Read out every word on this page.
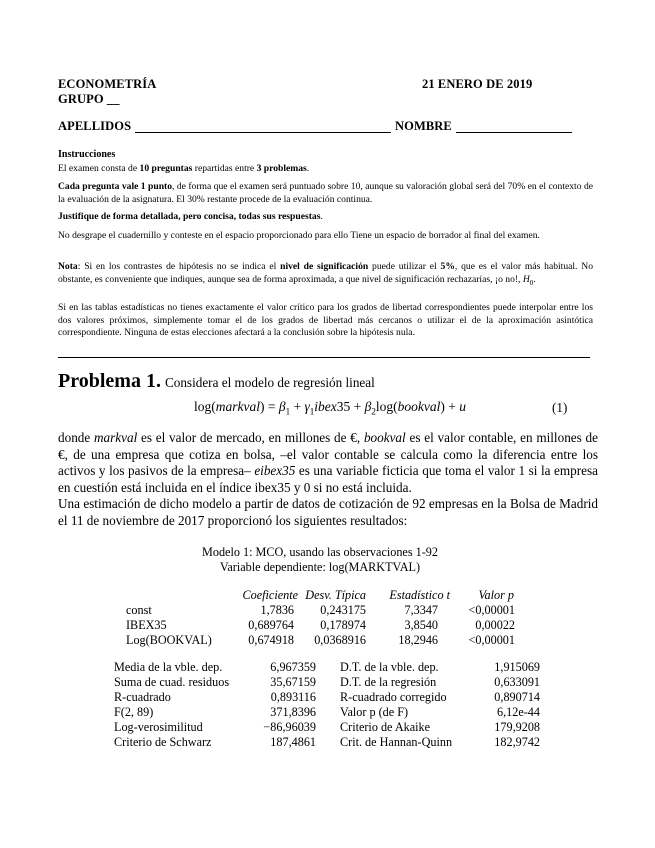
ECONOMETRÍA	21 ENERO DE 2019
GRUPO __
APELLIDOS	NOMBRE
Instrucciones
El examen consta de 10 preguntas repartidas entre 3 problemas.
Cada pregunta vale 1 punto, de forma que el examen será puntuado sobre 10, aunque su valoración global será del 70% en el contexto de la evaluación de la asignatura. El 30% restante procede de la evaluación continua.
Justifique de forma detallada, pero concisa, todas sus respuestas.
No desgrape el cuadernillo y conteste en el espacio proporcionado para ello Tiene un espacio de borrador al final del examen.
Nota: Si en los contrastes de hipótesis no se indica el nivel de significación puede utilizar el 5%, que es el valor más habitual. No obstante, es conveniente que indiques, aunque sea de forma aproximada, a que nivel de significación rechazarías, ¡o no!, $H_0$.
Si en las tablas estadísticas no tienes exactamente el valor crítico para los grados de libertad correspondientes puede interpolar entre los dos valores próximos, simplemente tomar el de los grados de libertad más cercanos o utilizar el de la aproximación asintótica correspondiente. Ninguna de estas elecciones afectará a la conclusión sobre la hipótesis nula.
Problema 1. Considera el modelo de regresión lineal
log(markval) = $\beta_1$ + $\gamma_1ibex35$ + $\beta_2\log(bookval) + u$	(1)
donde markval es el valor de mercado, en millones de €, bookval es el valor contable, en millones de €, de una empresa que cotiza en bolsa, –el valor contable se calcula como la diferencia entre los activos y los pasivos de la empresa– eibex35 es una variable ficticia que toma el valor 1 si la empresa en cuestión está incluida en el índice ibex35 y 0 si no está incluida.
Una estimación de dicho modelo a partir de datos de cotización de 92 empresas en la Bolsa de Madrid el 11 de noviembre de 2017 proporcionó los siguientes resultados:
Modelo 1: MCO, usando las observaciones 1-92
Variable dependiente: log(MARKTVAL)
Coeficiente Desv. Típica	Estadístico t	Valor p
const	1,7836	0,243175	7,3347	<0,00001
IBEX35	0,689764	0,178974	3,8540	0,00022
Log(BOOKVAL)	0,674918	0,0368916	18,2946	<0,00001
Media de la vble. dep.	6,967359 D.T. de la vble. dep.	1,915069
Suma de cuad. residuos	35,67159 D.T. de la regresión	0,633091
R-cuadrado	0,893116 R-cuadrado corregido	0,890714
F(2, 89)	371,8396 Valor p (de F)	6,12e-44
Log-verosimilitud	−86,96039 Criterio de Akaike	179,9208
Criterio de Schwarz	187,4861 Crit. de Hannan-Quinn	182,9742
